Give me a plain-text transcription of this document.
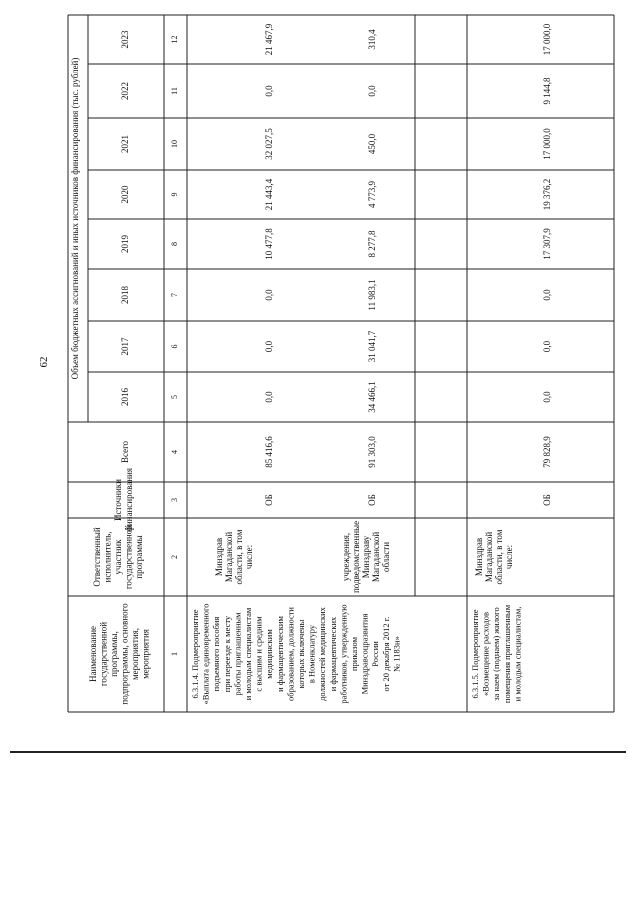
62 Объем бюджетных ассигнований и иных источников финансирования (тыс. рублей)
2016
2017
2018
2019
2020
2021
2022
2023
Всего
Источники финансирования
Ответственный исполнитель, участник государственной программы
Наименование государственной программы, подпрограммы, основного мероприятия, мероприятия 1
2
3
4
5
6
7
8
9
10
11
12
6.3.1.4. Подмероприятие «Выплата единовременного подъемного пособия при переезде к месту работы приглашенным и молодым специалистам с высшим и средним медицинским и фармацевтическим образованием, должности которых включены в Номенклатуру должностей медицинских и фармацевтических работников, утвержденную приказом Минздравсоцразвития России от 20 декабря 2012 г. № 1183н»
ОБ
85 416,6
0,0
0,0
0,0
10 477,8
21 443,4
32 027,5
0,0
21 467,9
Минздрав Магаданской области, в том числе:
ОБ
91 303,0
34 466,1
31 041,7
11 983,1
8 277,8
4 773,9
450,0
0,0
310,4
учреждения, подведомственные Минздраву Магаданской области
6.3.1.5. Подмероприятие «Возмещение расходов за наем (поднаем) жилого помещения приглашенным и молодым специалистам,
ОБ
79 828,9
0,0
0,0
0,0
17 307,9
19 376,2
17 000,0
9 144,8
17 000,0
Минздрав Магаданской области, в том числе:
